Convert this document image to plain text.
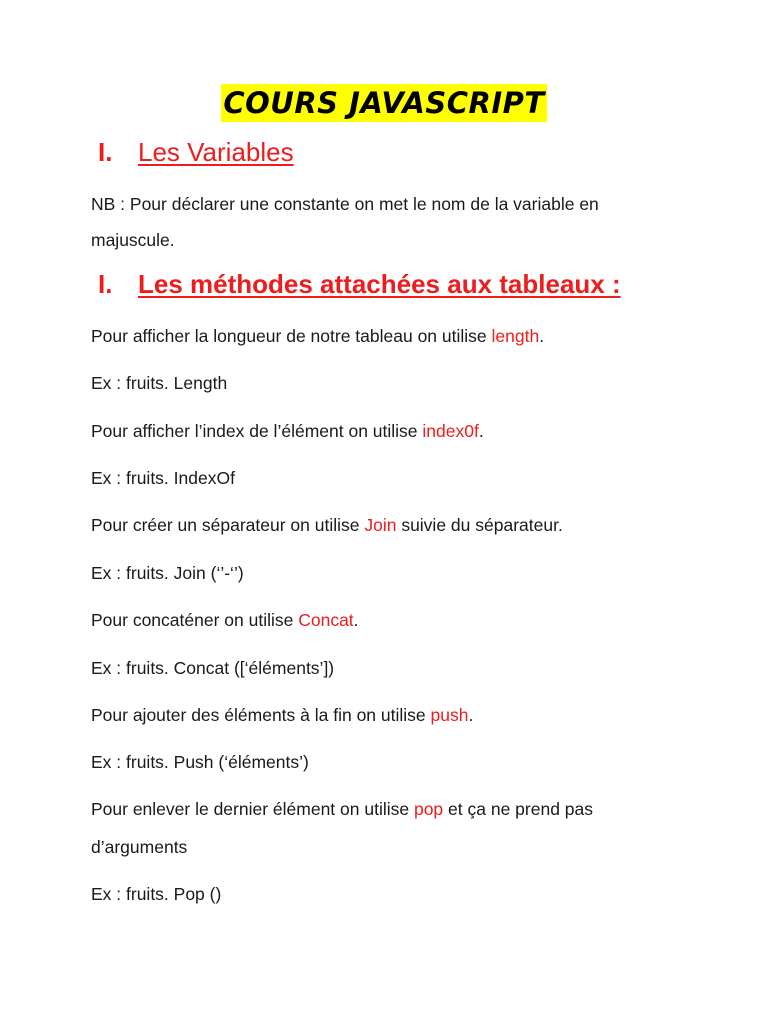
COURS JAVASCRIPT
I. Les Variables
NB : Pour déclarer une constante on met le nom de la variable en
majuscule.
I. Les méthodes attachées aux tableaux :
Pour afficher la longueur de notre tableau on utilise length.
Ex : fruits. Length
Pour afficher l’index de l’élément on utilise index0f.
Ex : fruits. IndexOf
Pour créer un séparateur on utilise Join suivie du séparateur.
Ex : fruits. Join (‘’-‘’)
Pour concaténer on utilise Concat.
Ex : fruits. Concat ([‘éléments’])
Pour ajouter des éléments à la fin on utilise push.
Ex : fruits. Push (‘éléments’)
Pour enlever le dernier élément on utilise pop et ça ne prend pas
d’arguments
Ex : fruits. Pop ()
